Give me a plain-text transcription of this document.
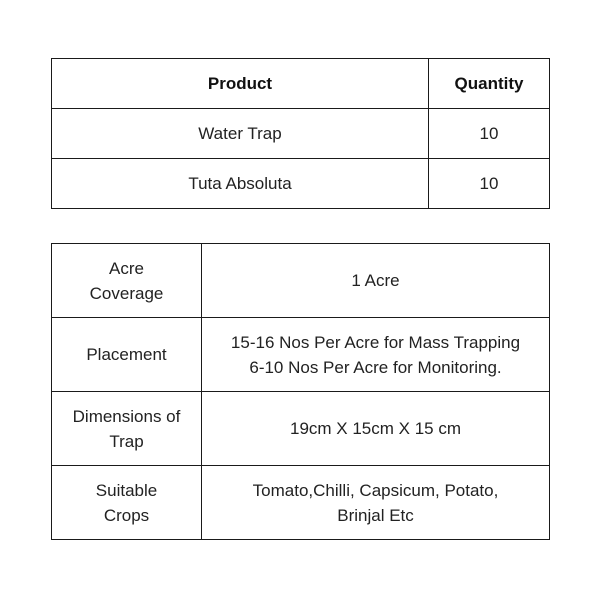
Product	Quantity
Water Trap	10
Tuta Absoluta	10
Acre
Coverage	1 Acre

Placement	15-16 Nos Per Acre for Mass Trapping
6-10 Nos Per Acre for Monitoring.

Dimensions of
Trap	19cm X 15cm X 15 cm

Suitable
Crops	Tomato,Chilli, Capsicum, Potato,
Brinjal Etc
